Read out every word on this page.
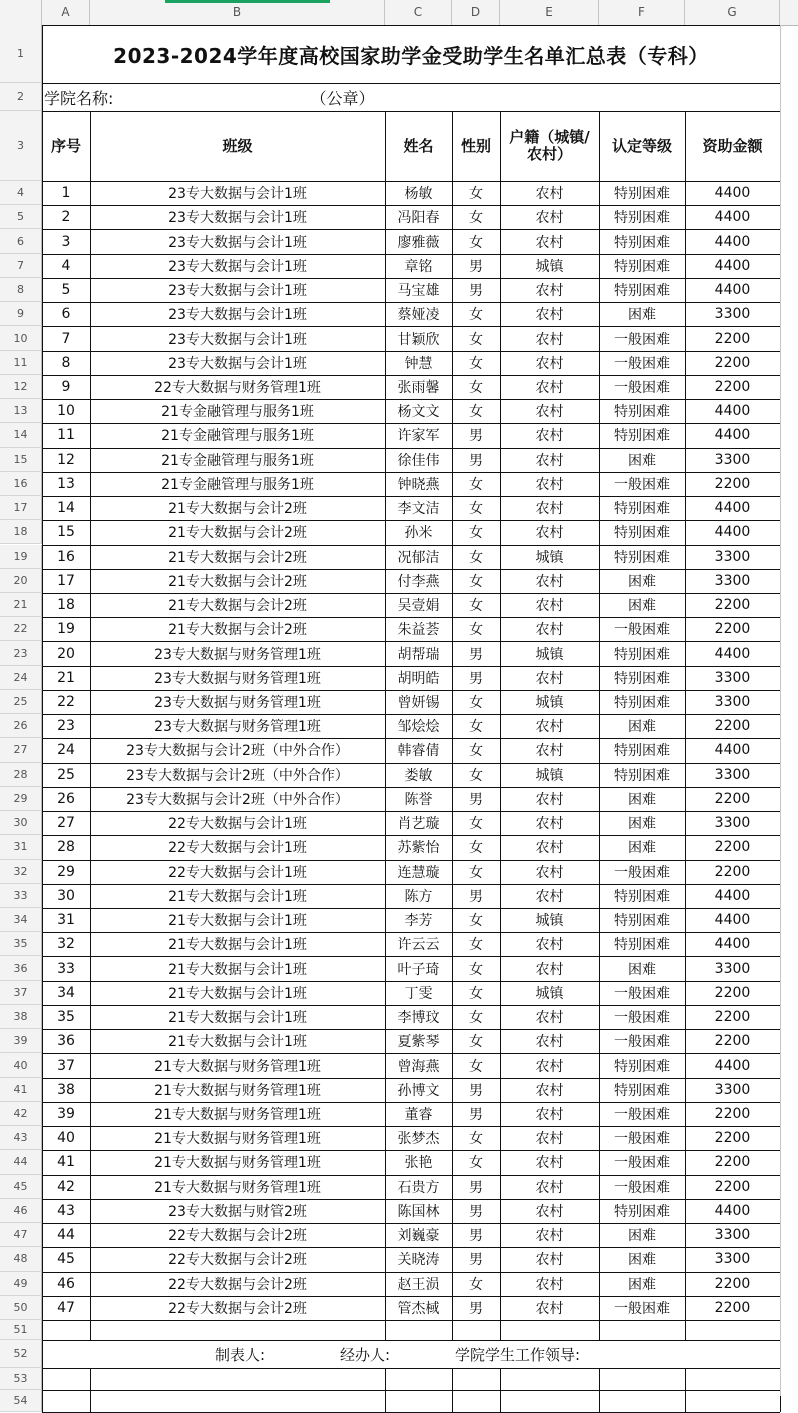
A	B	C	D	E	F	G
1
2
3
4
5
6
7
8
9
10
11
12
13
14
15
16
17
18
19
20
21
22
23
24
25
26
27
28
29
30
31
32
33
34
35
36
37
38
39
40
41
42
43
44
45
46
47
48
49
50
51
52
53
54
2023-2024学年度高校国家助学金受助学生名单汇总表（专科）
学院名称:	（公章）
序号	班级	姓名	性别	户籍（城镇/农村）	认定等级	资助金额
1	23专大数据与会计1班	杨敏	女	农村	特别困难	4400
2	23专大数据与会计1班	冯阳春	女	农村	特别困难	4400
3	23专大数据与会计1班	廖雅薇	女	农村	特别困难	4400
4	23专大数据与会计1班	章铭	男	城镇	特别困难	4400
5	23专大数据与会计1班	马宝雄	男	农村	特别困难	4400
6	23专大数据与会计1班	蔡娅凌	女	农村	困难	3300
7	23专大数据与会计1班	甘颖欣	女	农村	一般困难	2200
8	23专大数据与会计1班	钟慧	女	农村	一般困难	2200
9	22专大数据与财务管理1班	张雨馨	女	农村	一般困难	2200
10	21专金融管理与服务1班	杨文文	女	农村	特别困难	4400
11	21专金融管理与服务1班	许家军	男	农村	特别困难	4400
12	21专金融管理与服务1班	徐佳伟	男	农村	困难	3300
13	21专金融管理与服务1班	钟晓燕	女	农村	一般困难	2200
14	21专大数据与会计2班	李文洁	女	农村	特别困难	4400
15	21专大数据与会计2班	孙米	女	农村	特别困难	4400
16	21专大数据与会计2班	况郁洁	女	城镇	特别困难	3300
17	21专大数据与会计2班	付李燕	女	农村	困难	3300
18	21专大数据与会计2班	吴壹娟	女	农村	困难	2200
19	21专大数据与会计2班	朱益荟	女	农村	一般困难	2200
20	23专大数据与财务管理1班	胡帮瑞	男	城镇	特别困难	4400
21	23专大数据与财务管理1班	胡明皓	男	农村	特别困难	3300
22	23专大数据与财务管理1班	曾妍锡	女	城镇	特别困难	3300
23	23专大数据与财务管理1班	邹烩烩	女	农村	困难	2200
24	23专大数据与会计2班（中外合作）	韩睿倩	女	农村	特别困难	4400
25	23专大数据与会计2班（中外合作）	娄敏	女	城镇	特别困难	3300
26	23专大数据与会计2班（中外合作）	陈誉	男	农村	困难	2200
27	22专大数据与会计1班	肖艺璇	女	农村	困难	3300
28	22专大数据与会计1班	苏紫怡	女	农村	困难	2200
29	22专大数据与会计1班	连慧璇	女	农村	一般困难	2200
30	21专大数据与会计1班	陈方	男	农村	特别困难	4400
31	21专大数据与会计1班	李芳	女	城镇	特别困难	4400
32	21专大数据与会计1班	许云云	女	农村	特别困难	4400
33	21专大数据与会计1班	叶子琦	女	农村	困难	3300
34	21专大数据与会计1班	丁雯	女	城镇	一般困难	2200
35	21专大数据与会计1班	李博玟	女	农村	一般困难	2200
36	21专大数据与会计1班	夏紫琴	女	农村	一般困难	2200
37	21专大数据与财务管理1班	曾海燕	女	农村	特别困难	4400
38	21专大数据与财务管理1班	孙博文	男	农村	特别困难	3300
39	21专大数据与财务管理1班	董睿	男	农村	一般困难	2200
40	21专大数据与财务管理1班	张梦杰	女	农村	一般困难	2200
41	21专大数据与财务管理1班	张艳	女	农村	一般困难	2200
42	21专大数据与财务管理1班	石贵方	男	农村	一般困难	2200
43	23专大数据与财管2班	陈国林	男	农村	特别困难	4400
44	22专大数据与会计2班	刘巍豪	男	农村	困难	3300
45	22专大数据与会计2班	关晓涛	男	农村	困难	3300
46	22专大数据与会计2班	赵王涢	女	农村	困难	2200
47	22专大数据与会计2班	管杰棫	男	农村	一般困难	2200
制表人:	经办人:	学院学生工作领导:
